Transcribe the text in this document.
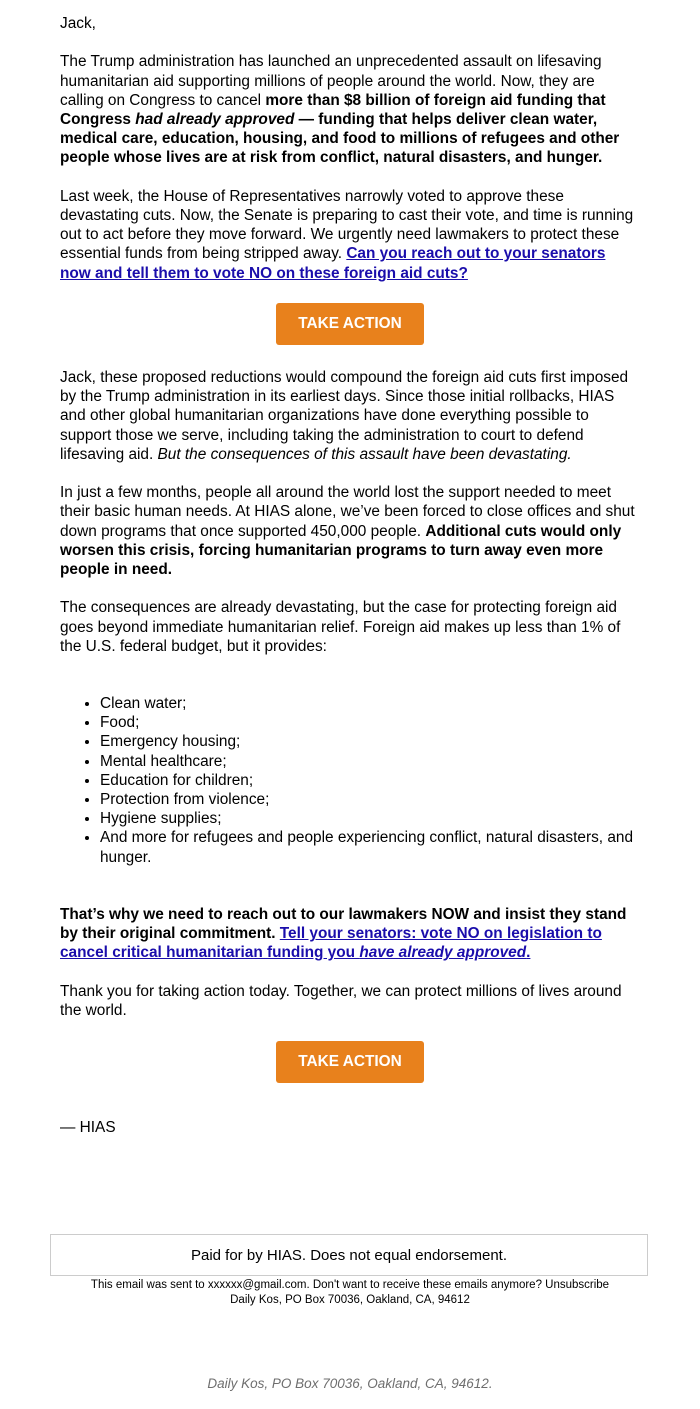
Jack,

The Trump administration has launched an unprecedented assault on lifesaving humanitarian aid supporting millions of people around the world. Now, they are calling on Congress to cancel more than $8 billion of foreign aid funding that Congress had already approved — funding that helps deliver clean water, medical care, education, housing, and food to millions of refugees and other people whose lives are at risk from conflict, natural disasters, and hunger.

Last week, the House of Representatives narrowly voted to approve these devastating cuts. Now, the Senate is preparing to cast their vote, and time is running out to act before they move forward. We urgently need lawmakers to protect these essential funds from being stripped away. Can you reach out to your senators now and tell them to vote NO on these foreign aid cuts?

TAKE ACTION

Jack, these proposed reductions would compound the foreign aid cuts first imposed by the Trump administration in its earliest days. Since those initial rollbacks, HIAS and other global humanitarian organizations have done everything possible to support those we serve, including taking the administration to court to defend lifesaving aid. But the consequences of this assault have been devastating.

In just a few months, people all around the world lost the support needed to meet their basic human needs. At HIAS alone, we’ve been forced to close offices and shut down programs that once supported 450,000 people. Additional cuts would only worsen this crisis, forcing humanitarian programs to turn away even more people in need.

The consequences are already devastating, but the case for protecting foreign aid goes beyond immediate humanitarian relief. Foreign aid makes up less than 1% of the U.S. federal budget, but it provides:

• Clean water;
• Food;
• Emergency housing;
• Mental healthcare;
• Education for children;
• Protection from violence;
• Hygiene supplies;
• And more for refugees and people experiencing conflict, natural disasters, and hunger.

That’s why we need to reach out to our lawmakers NOW and insist they stand by their original commitment. Tell your senators: vote NO on legislation to cancel critical humanitarian funding you have already approved.

Thank you for taking action today. Together, we can protect millions of lives around the world.

TAKE ACTION

— HIAS

Paid for by HIAS. Does not equal endorsement.
This email was sent to xxxxxx@gmail.com. Don't want to receive these emails anymore? Unsubscribe
Daily Kos, PO Box 70036, Oakland, CA, 94612
Daily Kos, PO Box 70036, Oakland, CA, 94612.
